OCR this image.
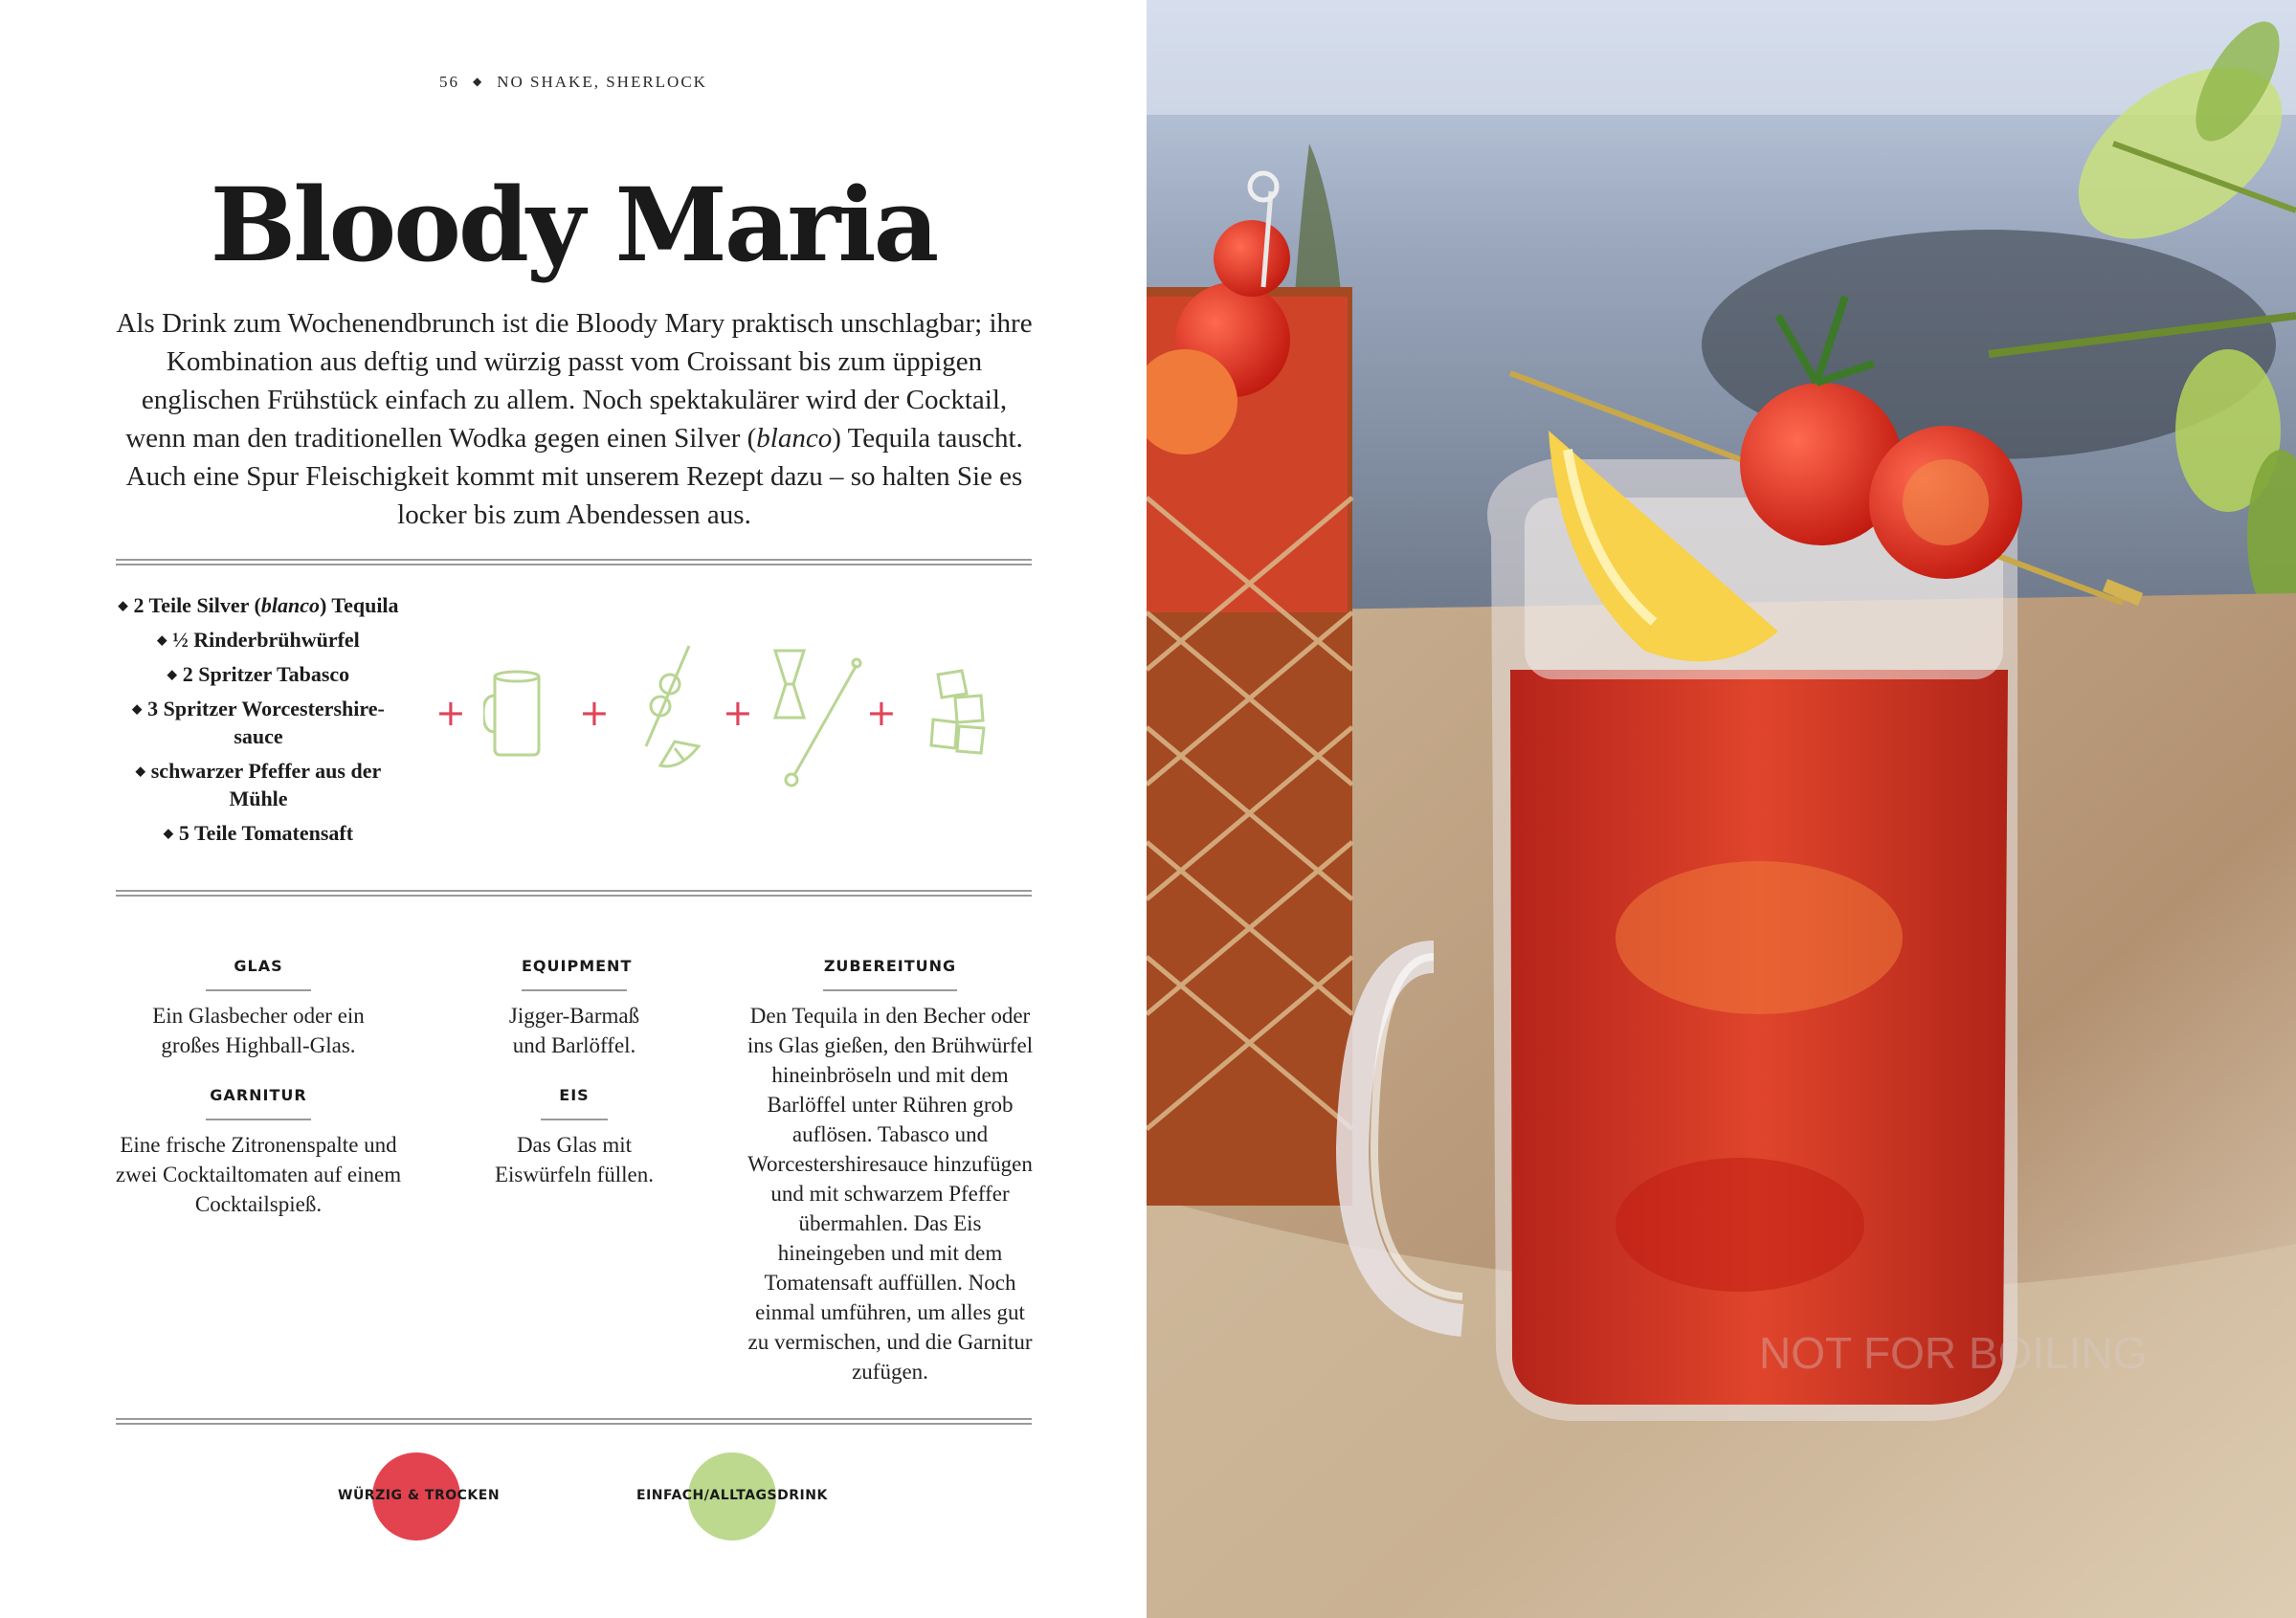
56 ◆ NO SHAKE, SHERLOCK
Bloody Maria
Als Drink zum Wochenendbrunch ist die Bloody Mary praktisch unschlagbar; ihre Kombination aus deftig und würzig passt vom Croissant bis zum üppigen englischen Frühstück einfach zu allem. Noch spektakulärer wird der Cocktail, wenn man den traditionellen Wodka gegen einen Silver (blanco) Tequila tauscht. Auch eine Spur Fleischigkeit kommt mit unserem Rezept dazu – so halten Sie es locker bis zum Abendessen aus.
◆ 2 Teile Silver (blanco) Tequila
◆ ½ Rinderbrühwürfel
◆ 2 Spritzer Tabasco
◆ 3 Spritzer Worcestershire-sauce
◆ schwarzer Pfeffer aus der Mühle
◆ 5 Teile Tomatensaft
+	+	+	+
GLAS
Ein Glasbecher oder ein großes Highball-Glas.
GARNITUR
Eine frische Zitronenspalte und zwei Cocktailtomaten auf einem Cocktailspieß.
EQUIPMENT
Jigger-Barmaß und Barlöffel.
EIS
Das Glas mit Eiswürfeln füllen.
ZUBEREITUNG
Den Tequila in den Becher oder ins Glas gießen, den Brühwürfel hineinbröseln und mit dem Barlöffel unter Rühren grob auflösen. Tabasco und Worcestershiresauce hinzufügen und mit schwarzem Pfeffer übermahlen. Das Eis hineingeben und mit dem Tomatensaft auffüllen. Noch einmal umführen, um alles gut zu vermischen, und die Garnitur zufügen.
WÜRZIG & TROCKEN	EINFACH/ALLTAGSDRINK
NOT FOR BOILING
